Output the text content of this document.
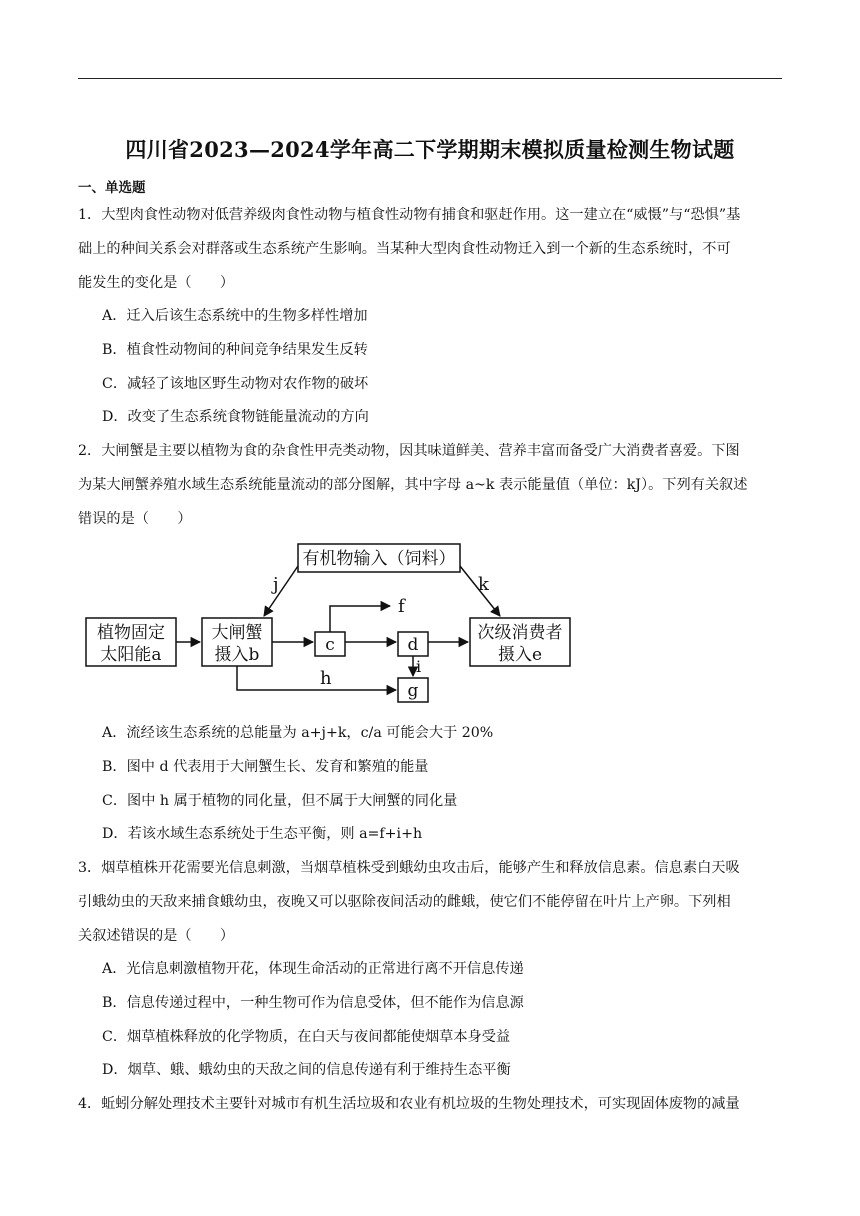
四川省2023—2024学年高二下学期期末模拟质量检测生物试题
一、单选题
1．大型肉食性动物对低营养级肉食性动物与植食性动物有捕食和驱赶作用。这一建立在“威慑”与“恐惧”基
础上的种间关系会对群落或生态系统产生影响。当某种大型肉食性动物迁入到一个新的生态系统时，不可
能发生的变化是（　　）
A．迁入后该生态系统中的生物多样性增加
B．植食性动物间的种间竞争结果发生反转
C．减轻了该地区野生动物对农作物的破坏
D．改变了生态系统食物链能量流动的方向
2．大闸蟹是主要以植物为食的杂食性甲壳类动物，因其味道鲜美、营养丰富而备受广大消费者喜爱。下图
为某大闸蟹养殖水域生态系统能量流动的部分图解，其中字母 a~k 表示能量值（单位：kJ）。下列有关叙述
错误的是（　　）
有机物输入（饲料）
植物固定
太阳能a
大闸蟹
摄入b
次级消费者
摄入e
c	d
g
f
h
i
j	k
A．流经该生态系统的总能量为 a+j+k，c/a 可能会大于 20%
B．图中 d 代表用于大闸蟹生长、发育和繁殖的能量
C．图中 h 属于植物的同化量，但不属于大闸蟹的同化量
D．若该水域生态系统处于生态平衡，则 a=f+i+h
3．烟草植株开花需要光信息刺激，当烟草植株受到蛾幼虫攻击后，能够产生和释放信息素。信息素白天吸
引蛾幼虫的天敌来捕食蛾幼虫，夜晚又可以驱除夜间活动的雌蛾，使它们不能停留在叶片上产卵。下列相
关叙述错误的是（　　）
A．光信息刺激植物开花，体现生命活动的正常进行离不开信息传递
B．信息传递过程中，一种生物可作为信息受体，但不能作为信息源
C．烟草植株释放的化学物质，在白天与夜间都能使烟草本身受益
D．烟草、蛾、蛾幼虫的天敌之间的信息传递有利于维持生态平衡
4．蚯蚓分解处理技术主要针对城市有机生活垃圾和农业有机垃圾的生物处理技术，可实现固体废物的减量
